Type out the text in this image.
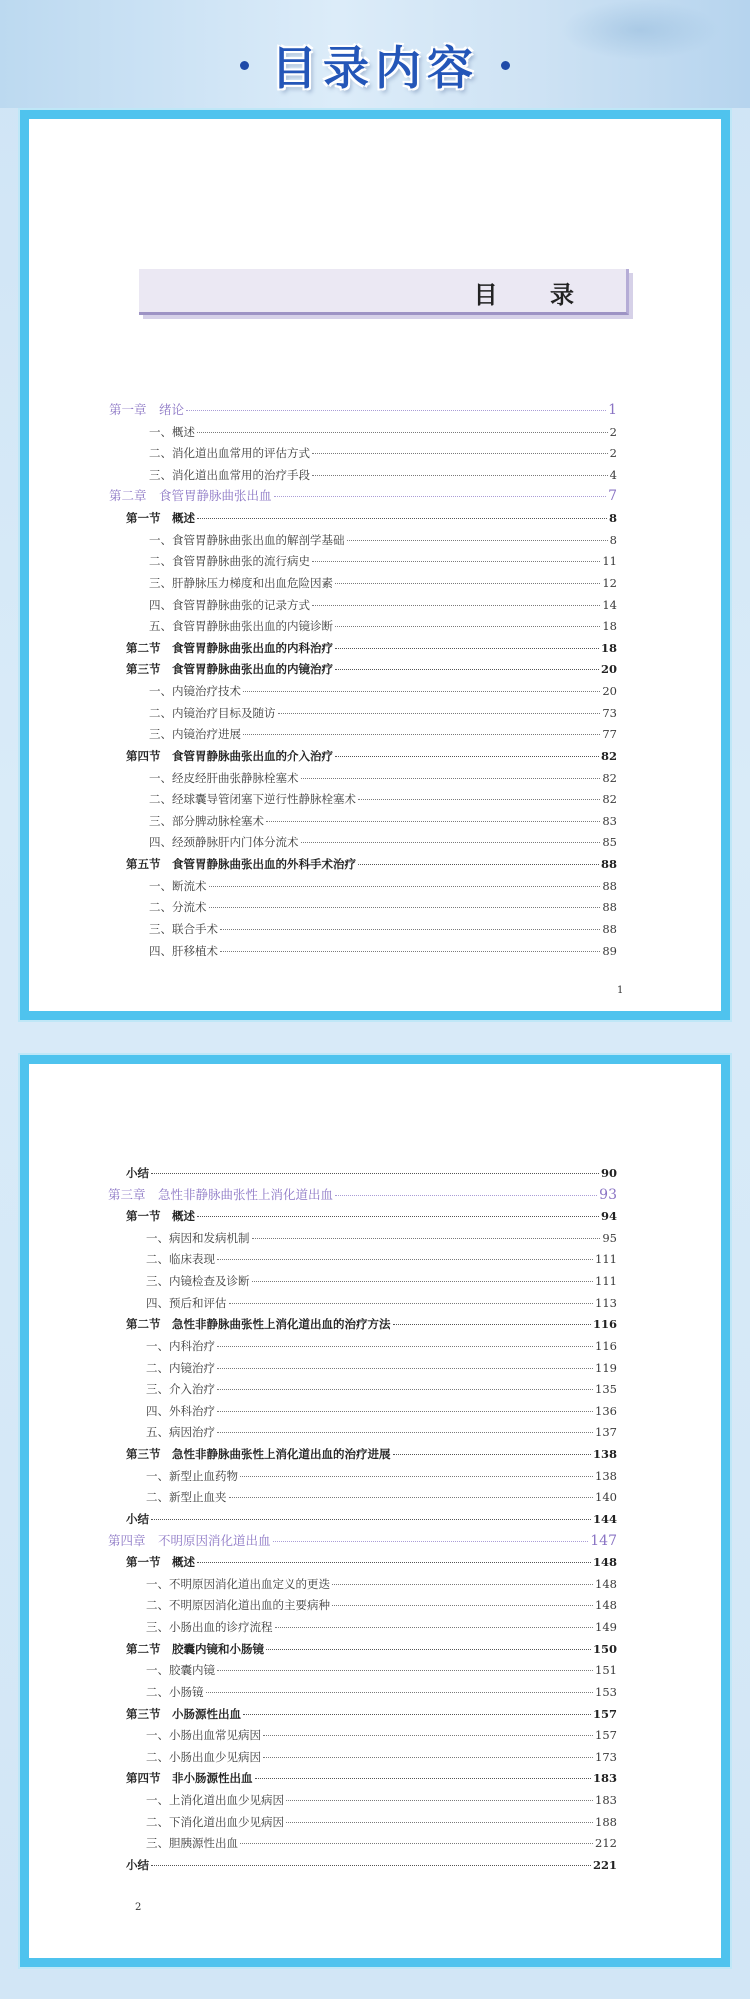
目录内容
目 录
第一章　绪论	1
一、概述	2
二、消化道出血常用的评估方式	2
三、消化道出血常用的治疗手段	4
第二章　食管胃静脉曲张出血	7
第一节　概述	8
一、食管胃静脉曲张出血的解剖学基础	8
二、食管胃静脉曲张的流行病史	11
三、肝静脉压力梯度和出血危险因素	12
四、食管胃静脉曲张的记录方式	14
五、食管胃静脉曲张出血的内镜诊断	18
第二节　食管胃静脉曲张出血的内科治疗	18
第三节　食管胃静脉曲张出血的内镜治疗	20
一、内镜治疗技术	20
二、内镜治疗目标及随访	73
三、内镜治疗进展	77
第四节　食管胃静脉曲张出血的介入治疗	82
一、经皮经肝曲张静脉栓塞术	82
二、经球囊导管闭塞下逆行性静脉栓塞术	82
三、部分脾动脉栓塞术	83
四、经颈静脉肝内门体分流术	85
第五节　食管胃静脉曲张出血的外科手术治疗	88
一、断流术	88
二、分流术	88
三、联合手术	88
四、肝移植术	89
1
小结	90
第三章　急性非静脉曲张性上消化道出血	93
第一节　概述	94
一、病因和发病机制	95
二、临床表现	111
三、内镜检查及诊断	111
四、预后和评估	113
第二节　急性非静脉曲张性上消化道出血的治疗方法	116
一、内科治疗	116
二、内镜治疗	119
三、介入治疗	135
四、外科治疗	136
五、病因治疗	137
第三节　急性非静脉曲张性上消化道出血的治疗进展	138
一、新型止血药物	138
二、新型止血夹	140
小结	144
第四章　不明原因消化道出血	147
第一节　概述	148
一、不明原因消化道出血定义的更迭	148
二、不明原因消化道出血的主要病种	148
三、小肠出血的诊疗流程	149
第二节　胶囊内镜和小肠镜	150
一、胶囊内镜	151
二、小肠镜	153
第三节　小肠源性出血	157
一、小肠出血常见病因	157
二、小肠出血少见病因	173
第四节　非小肠源性出血	183
一、上消化道出血少见病因	183
二、下消化道出血少见病因	188
三、胆胰源性出血	212
小结	221
2
